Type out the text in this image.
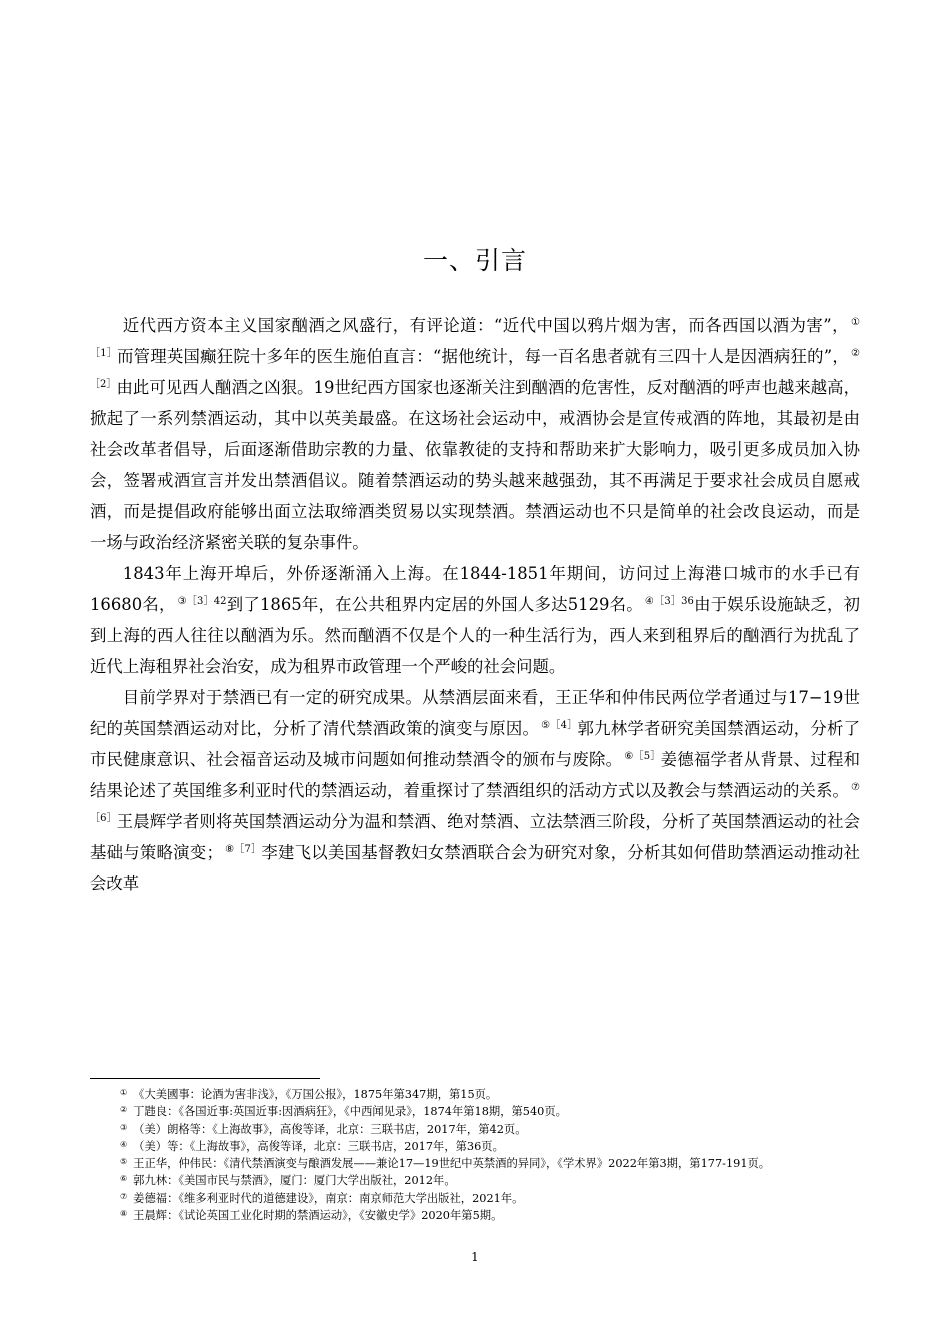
一、引言

近代西方资本主义国家酗酒之风盛行，有评论道：“近代中国以鸦片烟为害，而各西国以酒为害”， $^{①[1]}$而管理英国癫狂院十多年的医生施伯直言：“据他统计，每一百名患者就有三四十人是因酒病狂的”， $^{②[2]}$由此可见西人酗酒之凶狠。19世纪西方国家也逐渐关注到酗酒的危害性，反对酗酒的呼声也越来越高，掀起了一系列禁酒运动，其中以英美最盛。在这场社会运动中，戒酒协会是宣传戒酒的阵地，其最初是由社会改革者倡导，后面逐渐借助宗教的力量、依靠教徒的支持和帮助来扩大影响力，吸引更多成员加入协会，签署戒酒宣言并发出禁酒倡议。随着禁酒运动的势头越来越强劲，其不再满足于要求社会成员自愿戒酒，而是提倡政府能够出面立法取缔酒类贸易以实现禁酒。禁酒运动也不只是简单的社会改良运动，而是一场与政治经济紧密关联的复杂事件。

1843年上海开埠后，外侨逐渐涌入上海。在1844-1851年期间，访问过上海港口城市的水手已有16680名， $^{③[3]42}$到了1865年，在公共租界内定居的外国人多达5129名。 $^{④[3]36}$由于娱乐设施缺乏，初到上海的西人往往以酗酒为乐。然而酗酒不仅是个人的一种生活行为，西人来到租界后的酗酒行为扰乱了近代上海租界社会治安，成为租界市政管理一个严峻的社会问题。

目前学界对于禁酒已有一定的研究成果。从禁酒层面来看，王正华和仲伟民两位学者通过与17−19世纪的英国禁酒运动对比，分析了清代禁酒政策的演变与原因。 $^{⑤[4]}$郭九林学者研究美国禁酒运动，分析了市民健康意识、社会福音运动及城市问题如何推动禁酒令的颁布与废除。 $^{⑥[5]}$姜德福学者从背景、过程和结果论述了英国维多利亚时代的禁酒运动，着重探讨了禁酒组织的活动方式以及教会与禁酒运动的关系。 $^{⑦[6]}$王晨辉学者则将英国禁酒运动分为温和禁酒、绝对禁酒、立法禁酒三阶段，分析了英国禁酒运动的社会基础与策略演变； $^{⑧[7]}$李建飞以美国基督教妇女禁酒联合会为研究对象，分析其如何借助禁酒运动推动社会改革

① 《大美國事：论酒为害非浅》，《万国公报》，1875年第347期，第15页。
② 丁韪良：《各国近事:英国近事:因酒病狂》，《中西闻见录》，1874年第18期，第540页。
③ （美）朗格等：《上海故事》，高俊等译，北京：三联书店，2017年，第42页。
④ （美）等：《上海故事》，高俊等译，北京：三联书店，2017年，第36页。
⑤ 王正华，仲伟民：《清代禁酒演变与酿酒发展——兼论17—19世纪中英禁酒的异同》，《学术界》2022年第3期，第177-191页。
⑥ 郭九林：《美国市民与禁酒》，厦门：厦门大学出版社，2012年。
⑦ 姜德福：《维多利亚时代的道德建设》，南京：南京师范大学出版社，2021年。
⑧ 王晨辉：《试论英国工业化时期的禁酒运动》，《安徽史学》2020年第5期。
1
